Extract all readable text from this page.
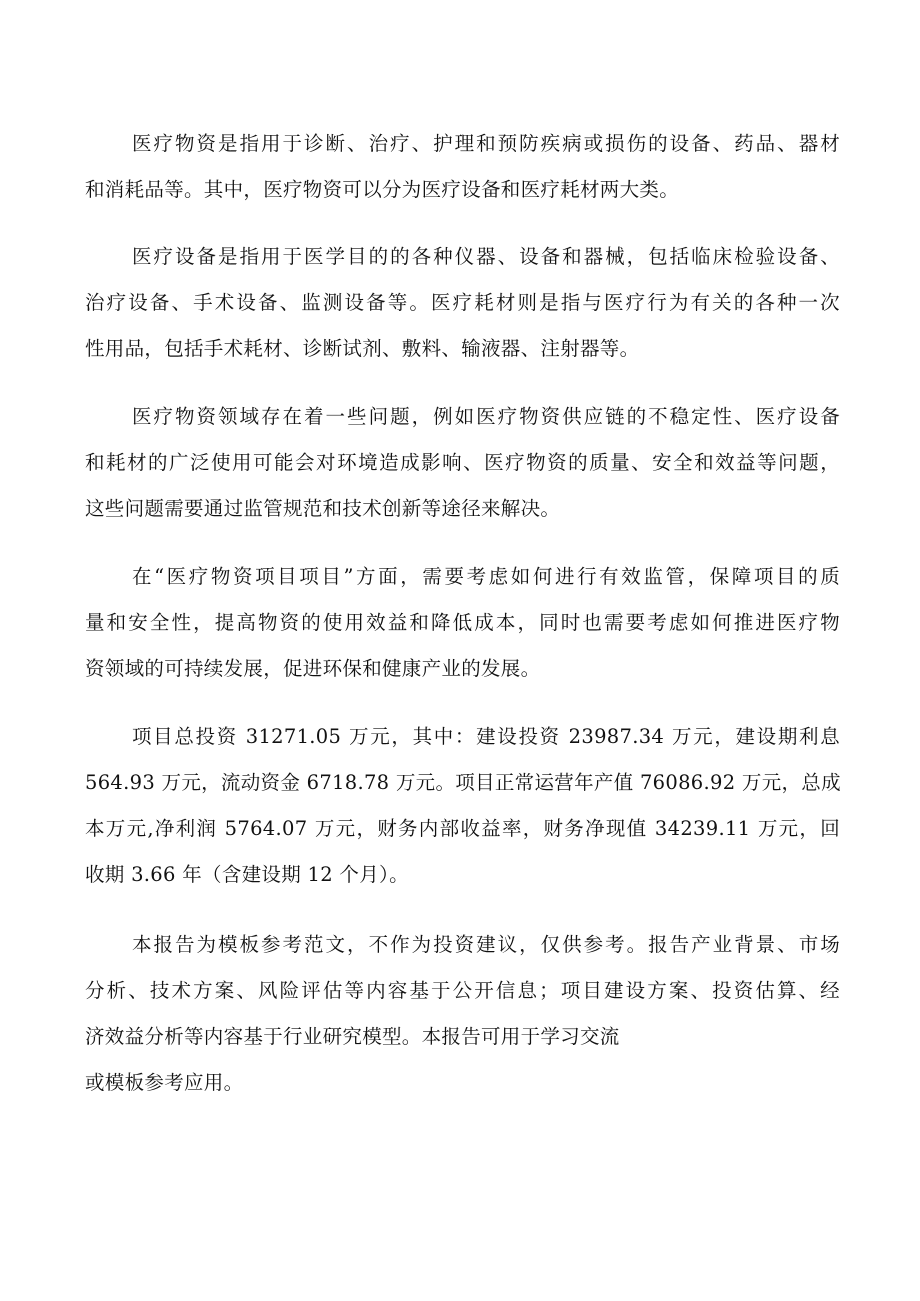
医疗物资是指用于诊断、治疗、护理和预防疾病或损伤的设备、药品、器材
和消耗品等。其中，医疗物资可以分为医疗设备和医疗耗材两大类。

医疗设备是指用于医学目的的各种仪器、设备和器械，包括临床检验设备、
治疗设备、手术设备、监测设备等。医疗耗材则是指与医疗行为有关的各种一次
性用品，包括手术耗材、诊断试剂、敷料、输液器、注射器等。

医疗物资领域存在着一些问题，例如医疗物资供应链的不稳定性、医疗设备
和耗材的广泛使用可能会对环境造成影响、医疗物资的质量、安全和效益等问题，
这些问题需要通过监管规范和技术创新等途径来解决。

在“医疗物资项目项目”方面，需要考虑如何进行有效监管，保障项目的质
量和安全性，提高物资的使用效益和降低成本，同时也需要考虑如何推进医疗物
资领域的可持续发展，促进环保和健康产业的发展。

项目总投资 31271.05 万元，其中：建设投资 23987.34 万元，建设期利息
564.93 万元，流动资金 6718.78 万元。项目正常运营年产值 76086.92 万元，总成
本万元,净利润 5764.07 万元，财务内部收益率，财务净现值 34239.11 万元，回
收期 3.66 年（含建设期 12 个月）。

本报告为模板参考范文，不作为投资建议，仅供参考。报告产业背景、市场
分析、技术方案、风险评估等内容基于公开信息；项目建设方案、投资估算、经
济效益分析等内容基于行业研究模型。本报告可用于学习交流
或模板参考应用。
